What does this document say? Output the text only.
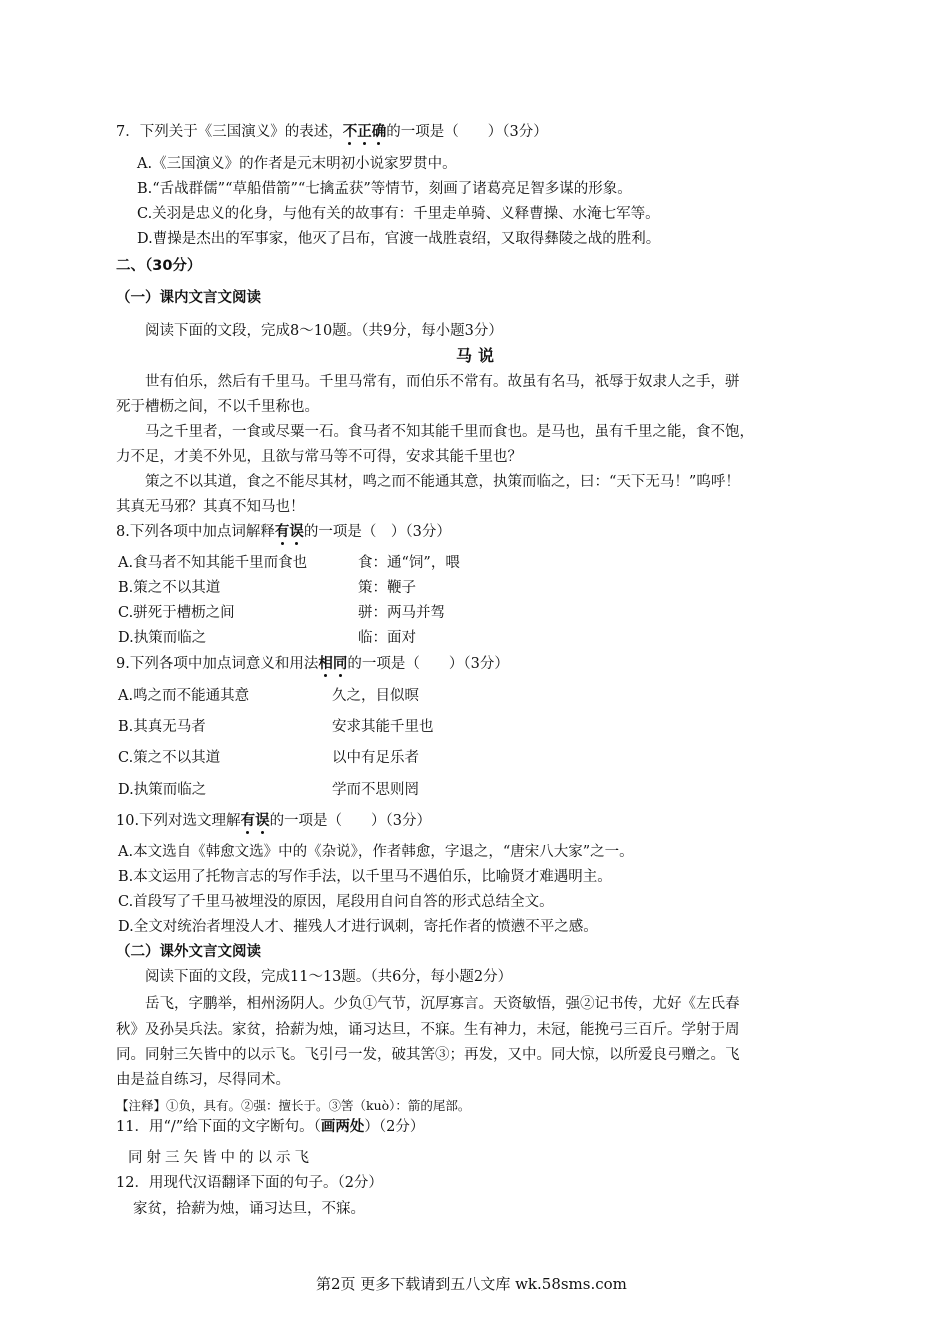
7．下列关于《三国演义》的表述，不正确的一项是（　　）（3分）
A.《三国演义》的作者是元末明初小说家罗贯中。
B.“舌战群儒”“草船借箭”“七擒孟获”等情节，刻画了诸葛亮足智多谋的形象。
C.关羽是忠义的化身，与他有关的故事有：千里走单骑、义释曹操、水淹七军等。
D.曹操是杰出的军事家，他灭了吕布，官渡一战胜袁绍，又取得彝陵之战的胜利。
二、（30分）
（一）课内文言文阅读
阅读下面的文段，完成8～10题。（共9分，每小题3分）
马说
世有伯乐，然后有千里马。千里马常有，而伯乐不常有。故虽有名马，祇辱于奴隶人之手，骈
死于槽枥之间，不以千里称也。
马之千里者，一食或尽粟一石。食马者不知其能千里而食也。是马也，虽有千里之能，食不饱，
力不足，才美不外见，且欲与常马等不可得，安求其能千里也？
策之不以其道，食之不能尽其材，鸣之而不能通其意，执策而临之，曰：“天下无马！”呜呼！
其真无马邪？其真不知马也！
8.下列各项中加点词解释有误的一项是（　）（3分）
A.食马者不知其能千里而食也	食：通“饲”，喂
B.策之不以其道	策：鞭子
C.骈死于槽枥之间	骈：两马并驾
D.执策而临之	临：面对
9.下列各项中加点词意义和用法相同的一项是（　　）（3分）
A.鸣之而不能通其意	久之，目似暝
B.其真无马者	安求其能千里也
C.策之不以其道	以中有足乐者
D.执策而临之	学而不思则罔
10.下列对选文理解有误的一项是（　　）（3分）
A.本文选自《韩愈文选》中的《杂说》，作者韩愈，字退之，“唐宋八大家”之一。
B.本文运用了托物言志的写作手法，以千里马不遇伯乐，比喻贤才难遇明主。
C.首段写了千里马被埋没的原因，尾段用自问自答的形式总结全文。
D.全文对统治者埋没人才、摧残人才进行讽刺，寄托作者的愤懑不平之感。
（二）课外文言文阅读
阅读下面的文段，完成11～13题。（共6分，每小题2分）
岳飞，字鹏举，相州汤阴人。少负①气节，沉厚寡言。天资敏悟，强②记书传，尤好《左氏春
秋》及孙吴兵法。家贫，拾薪为烛，诵习达旦，不寐。生有神力，未冠，能挽弓三百斤。学射于周
同。同射三矢皆中的以示飞。飞引弓一发，破其筈③；再发，又中。同大惊，以所爱良弓赠之。飞
由是益自练习，尽得同术。
【注释】①负，具有。②强：擅长于。③筈（kuò）：箭的尾部。
11．用“/”给下面的文字断句。（画两处）（2分）
同射三矢皆中的以示飞
12．用现代汉语翻译下面的句子。（2分）
家贫，拾薪为烛，诵习达旦，不寐。
第2页 更多下载请到五八文库 wk.58sms.com
